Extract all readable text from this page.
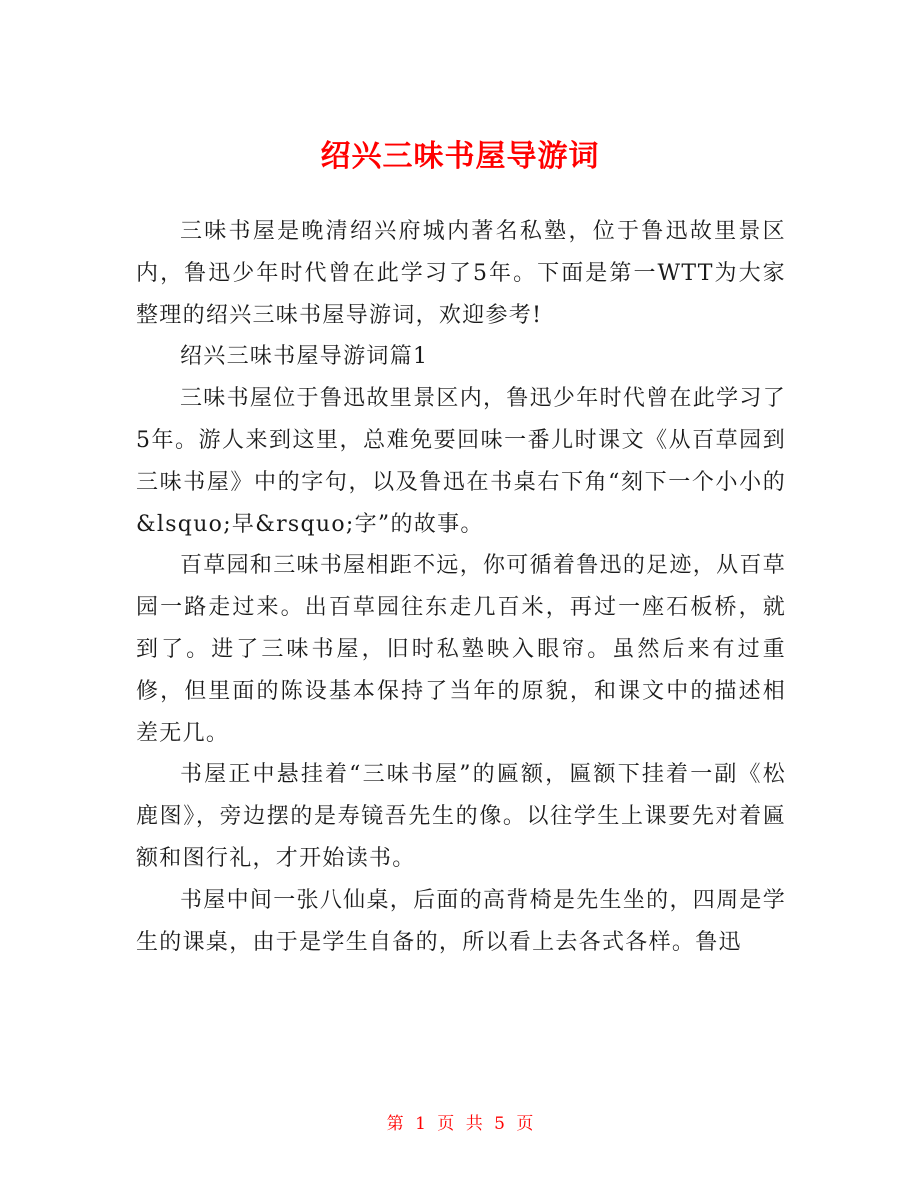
绍兴三味书屋导游词

三味书屋是晚清绍兴府城内著名私塾，位于鲁迅故里景区内，鲁迅少年时代曾在此学习了5年。下面是第一WTT为大家整理的绍兴三味书屋导游词，欢迎参考!

绍兴三味书屋导游词篇1

三味书屋位于鲁迅故里景区内，鲁迅少年时代曾在此学习了5年。游人来到这里，总难免要回味一番儿时课文《从百草园到三味书屋》中的字句，以及鲁迅在书桌右下角“刻下一个小小的&lsquo;早&rsquo;字”的故事。

百草园和三味书屋相距不远，你可循着鲁迅的足迹，从百草园一路走过来。出百草园往东走几百米，再过一座石板桥，就到了。进了三味书屋，旧时私塾映入眼帘。虽然后来有过重修，但里面的陈设基本保持了当年的原貌，和课文中的描述相差无几。

书屋正中悬挂着“三味书屋”的匾额，匾额下挂着一副《松鹿图》，旁边摆的是寿镜吾先生的像。以往学生上课要先对着匾额和图行礼，才开始读书。

书屋中间一张八仙桌，后面的高背椅是先生坐的，四周是学生的课桌，由于是学生自备的，所以看上去各式各样。鲁迅

第 1 页 共 5 页
